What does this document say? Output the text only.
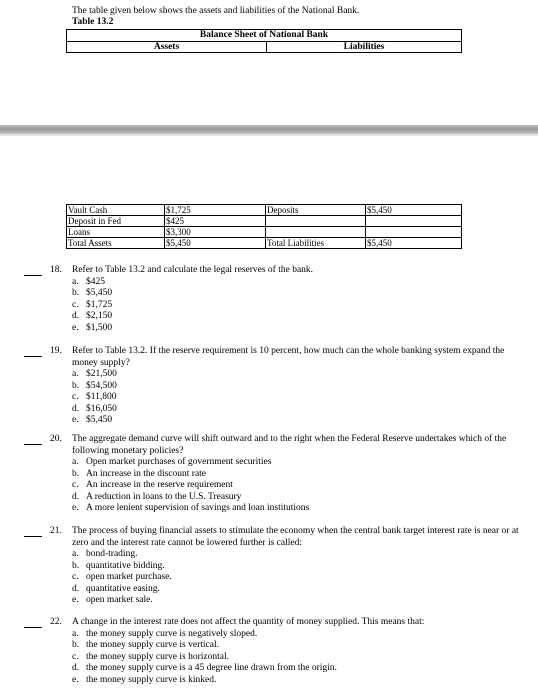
The table given below shows the assets and liabilities of the National Bank.
Table 13.2
Balance Sheet of National Bank
Assets	Liabilities
Vault Cash	$1,725	Deposits	$5,450
Deposit in Fed	$425		
Loans	$3,300		
Total Assets	$5,450	Total Liabilities	$5,450
18. Refer to Table 13.2 and calculate the legal reserves of the bank.
a. $425
b. $5,450
c. $1,725
d. $2,150
e. $1,500
19. Refer to Table 13.2. If the reserve requirement is 10 percent, how much can the whole banking system expand the money supply?
a. $21,500
b. $54,500
c. $11,800
d. $16,050
e. $5,450
20. The aggregate demand curve will shift outward and to the right when the Federal Reserve undertakes which of the following monetary policies?
a. Open market purchases of government securities
b. An increase in the discount rate
c. An increase in the reserve requirement
d. A reduction in loans to the U.S. Treasury
e. A more lenient supervision of savings and loan institutions
21. The process of buying financial assets to stimulate the economy when the central bank target interest rate is near or at zero and the interest rate cannot be lowered further is called:
a. bond-trading.
b. quantitative bidding.
c. open market purchase.
d. quantitative easing.
e. open market sale.
22. A change in the interest rate does not affect the quantity of money supplied. This means that:
a. the money supply curve is negatively sloped.
b. the money supply curve is vertical.
c. the money supply curve is horizontal.
d. the money supply curve is a 45 degree line drawn from the origin.
e. the money supply curve is kinked.
